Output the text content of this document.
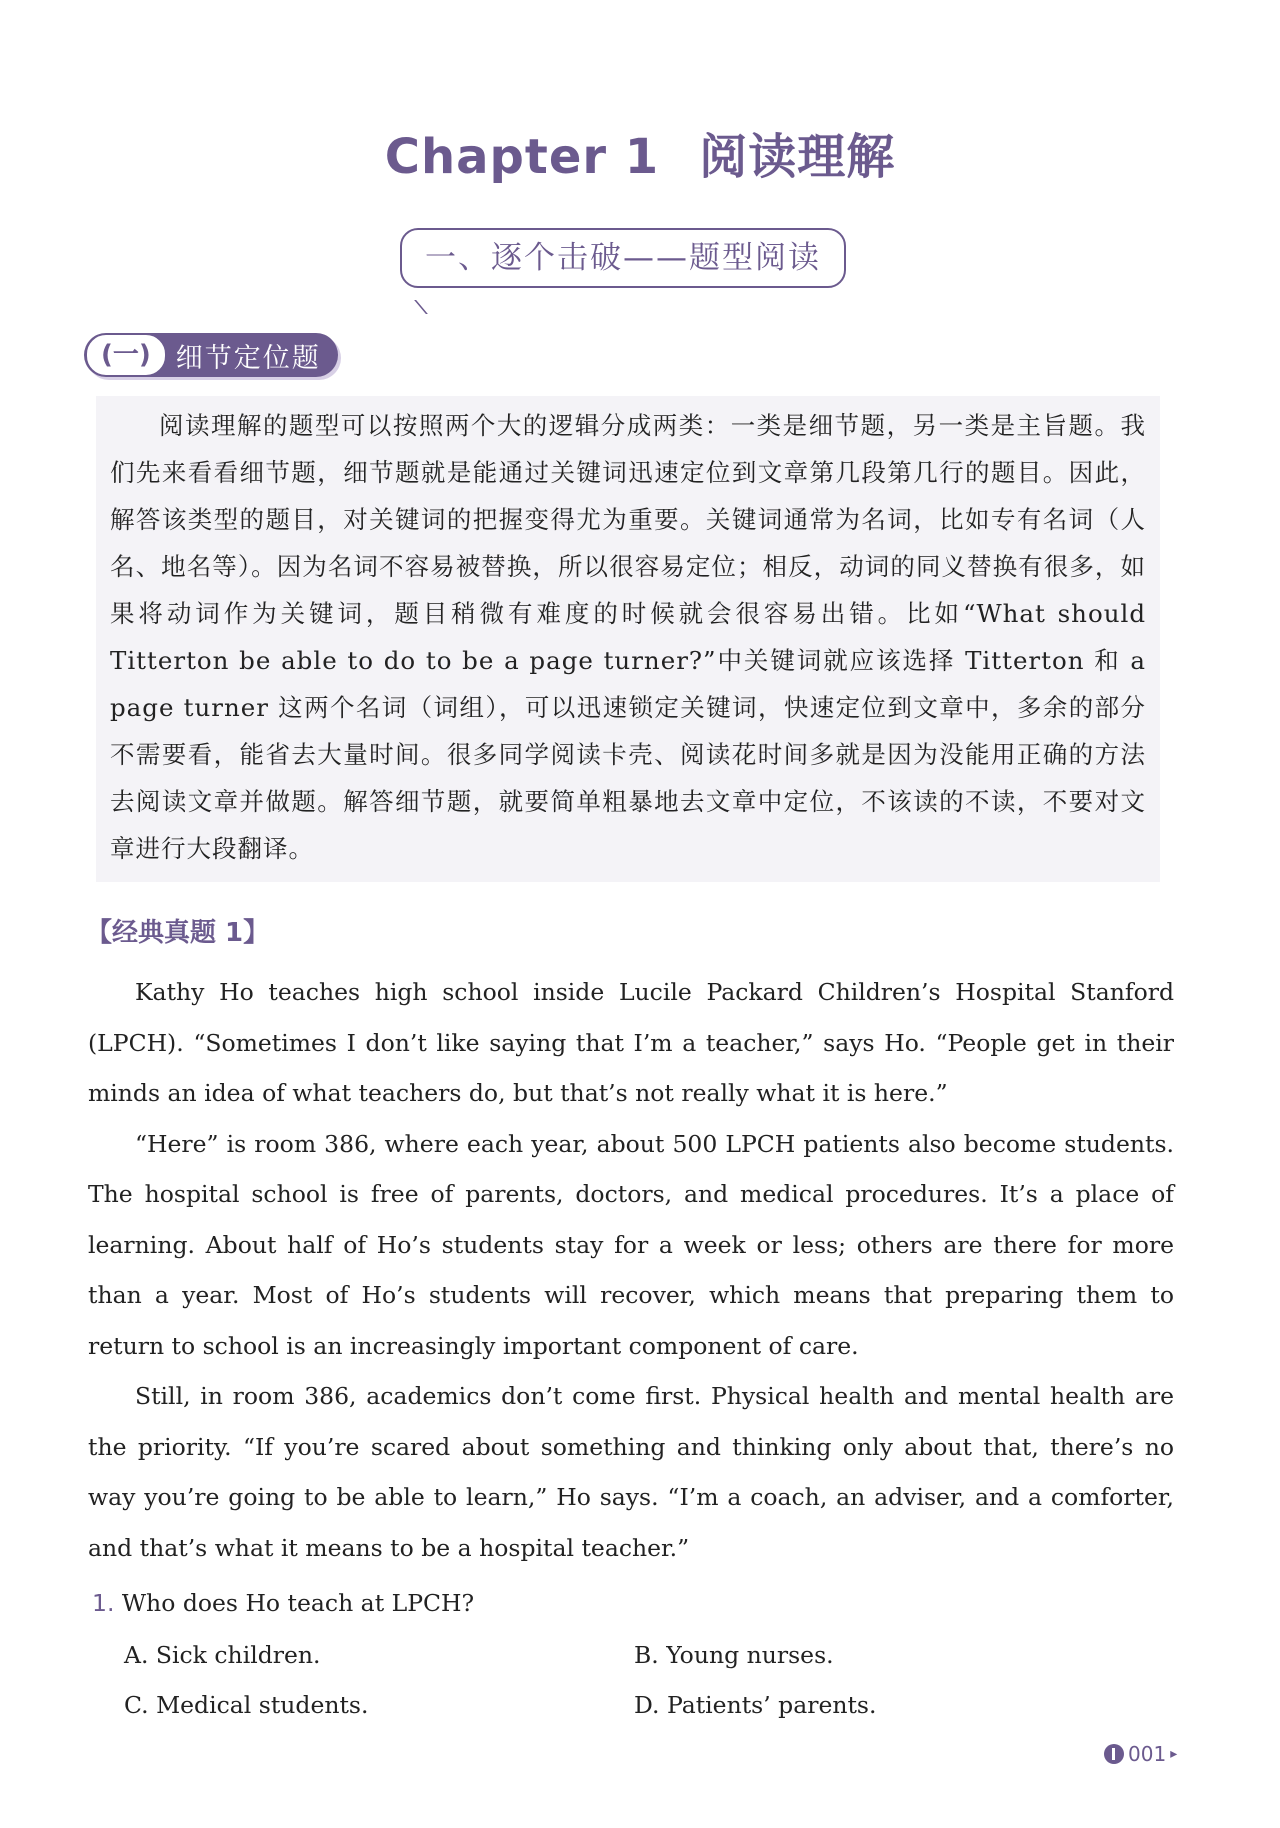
Chapter 1 阅读理解
一、逐个击破——题型阅读
(一) 细节定位题

阅读理解的题型可以按照两个大的逻辑分成两类：一类是细节题，另一类是主旨题。我们先来看看细节题，细节题就是能通过关键词迅速定位到文章第几段第几行的题目。因此，解答该类型的题目，对关键词的把握变得尤为重要。关键词通常为名词，比如专有名词（人名、地名等）。因为名词不容易被替换，所以很容易定位；相反，动词的同义替换有很多，如果将动词作为关键词，题目稍微有难度的时候就会很容易出错。比如“What should Titterton be able to do to be a page turner?”中关键词就应该选择 Titterton 和 a page turner 这两个名词（词组），可以迅速锁定关键词，快速定位到文章中，多余的部分不需要看，能省去大量时间。很多同学阅读卡壳、阅读花时间多就是因为没能用正确的方法去阅读文章并做题。解答细节题，就要简单粗暴地去文章中定位，不该读的不读，不要对文章进行大段翻译。

【经典真题 1】

Kathy Ho teaches high school inside Lucile Packard Children’s Hospital Stanford (LPCH). “Sometimes I don’t like saying that I’m a teacher,” says Ho. “People get in their minds an idea of what teachers do, but that’s not really what it is here.”

“Here” is room 386, where each year, about 500 LPCH patients also become students. The hospital school is free of parents, doctors, and medical procedures. It’s a place of learning. About half of Ho’s students stay for a week or less; others are there for more than a year. Most of Ho’s students will recover, which means that preparing them to return to school is an increasingly important component of care.

Still, in room 386, academics don’t come first. Physical health and mental health are the priority. “If you’re scared about something and thinking only about that, there’s no way you’re going to be able to learn,” Ho says. “I’m a coach, an adviser, and a comforter, and that’s what it means to be a hospital teacher.”

1. Who does Ho teach at LPCH?
A. Sick children.	B. Young nurses.
C. Medical students.	D. Patients’ parents.
001 ▸
